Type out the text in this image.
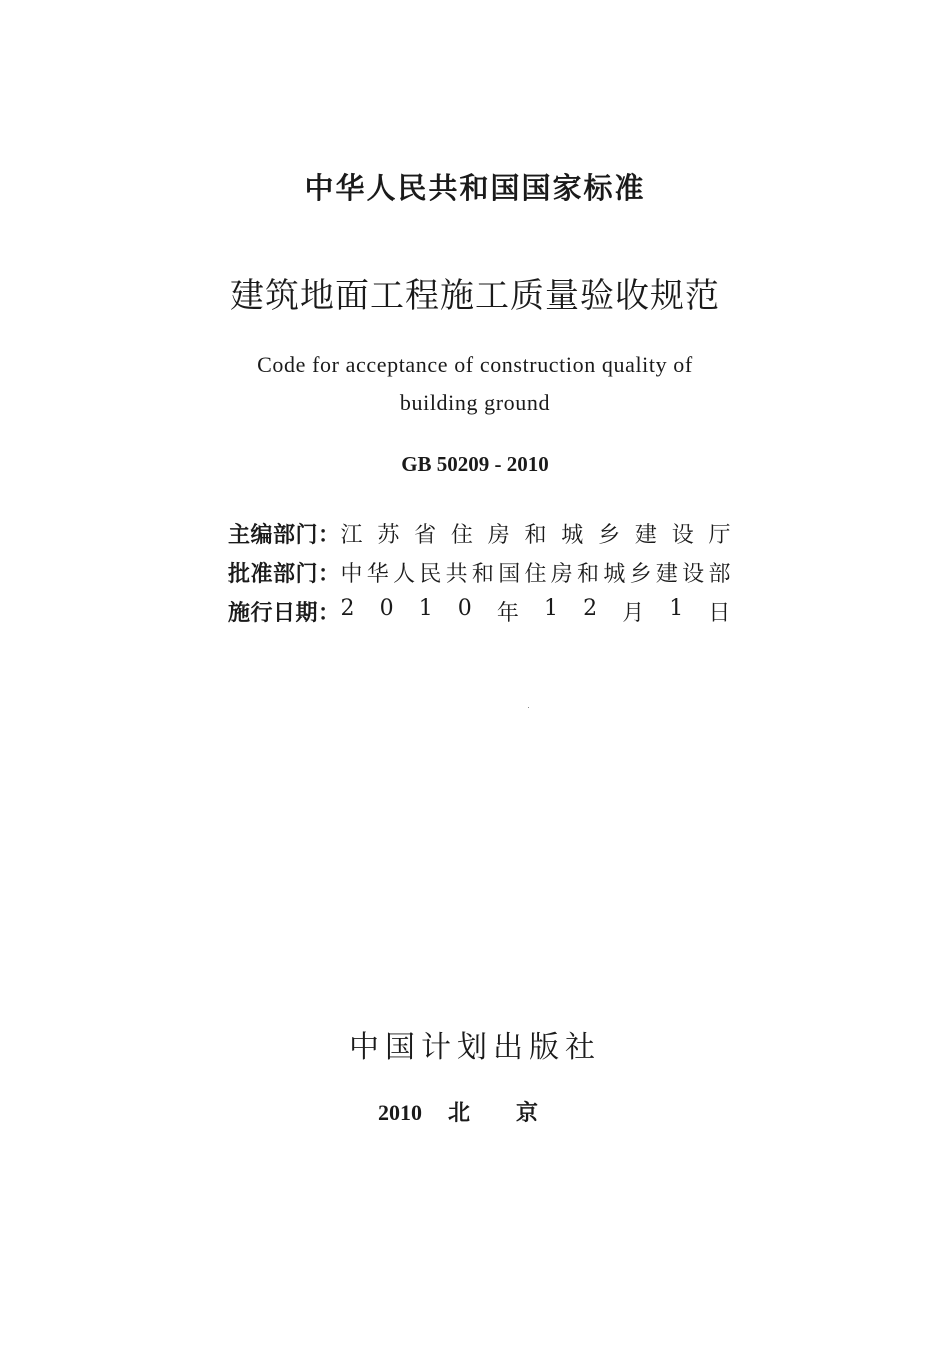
中华人民共和国国家标准
建筑地面工程施工质量验收规范
Code for acceptance of construction quality of
building ground
GB 50209 - 2010
主编部门： 江 苏 省 住 房 和 城 乡 建 设 厅
批准部门： 中 华 人 民 共 和 国 住 房 和 城 乡 建 设 部
施行日期： 2 0 1 0 年 1 2 月 1 日
中国计划出版社
2010 北京
